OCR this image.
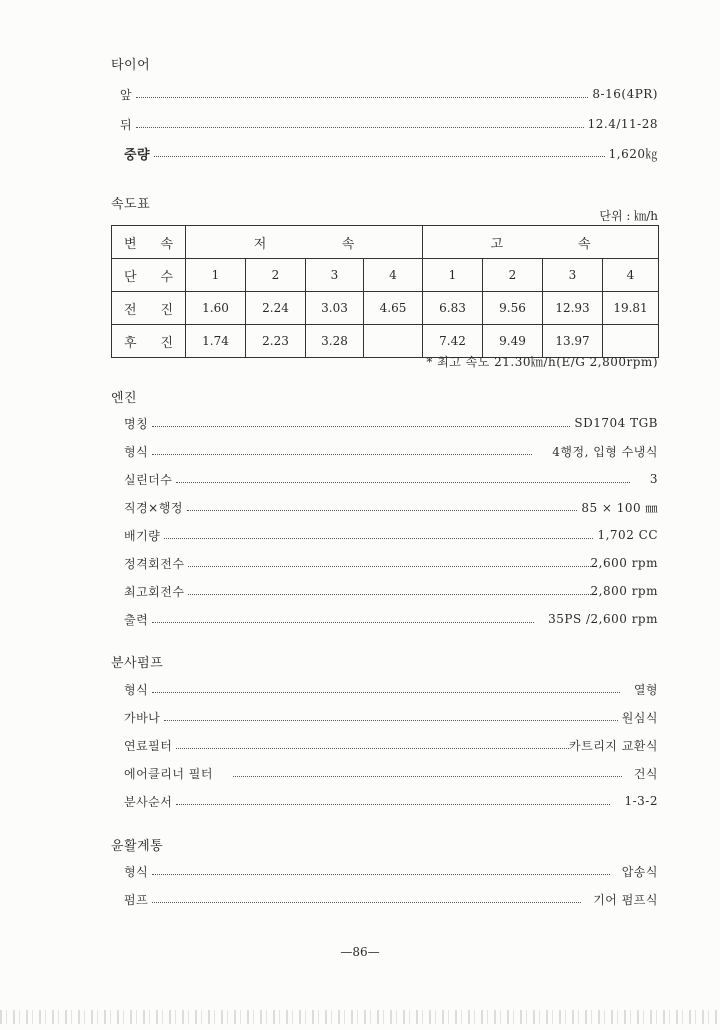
타이어
앞	8-16(4PR)
뒤	12.4/11-28
중량	1,620㎏
속도표
단위 : ㎞/h
변 속	저 속				고 속			

단 수	1	2	3	4	1	2	3	4

전 진	1.60	2.24	3.03	4.65	6.83	9.56	12.93	19.81

후 진	1.74	2.23	3.28		7.42	9.49	13.97	
* 최고 속도 21.30㎞/h(E/G 2,800rpm)
엔진
명칭	SD1704 TGB
형식	4행정, 입형 수냉식
실린더수	3
직경×행정	85 × 100 ㎜
배기량	1,702 CC
정격회전수	2,600 rpm
최고회전수	2,800 rpm
출력	35PS /2,600 rpm
분사펌프
형식	열형
가바나	원심식
연료필터	카트리지 교환식
에어클리너 필터	건식
분사순서	1-3-2
윤활계통
형식	압송식
펌프	기어 펌프식
—86—
